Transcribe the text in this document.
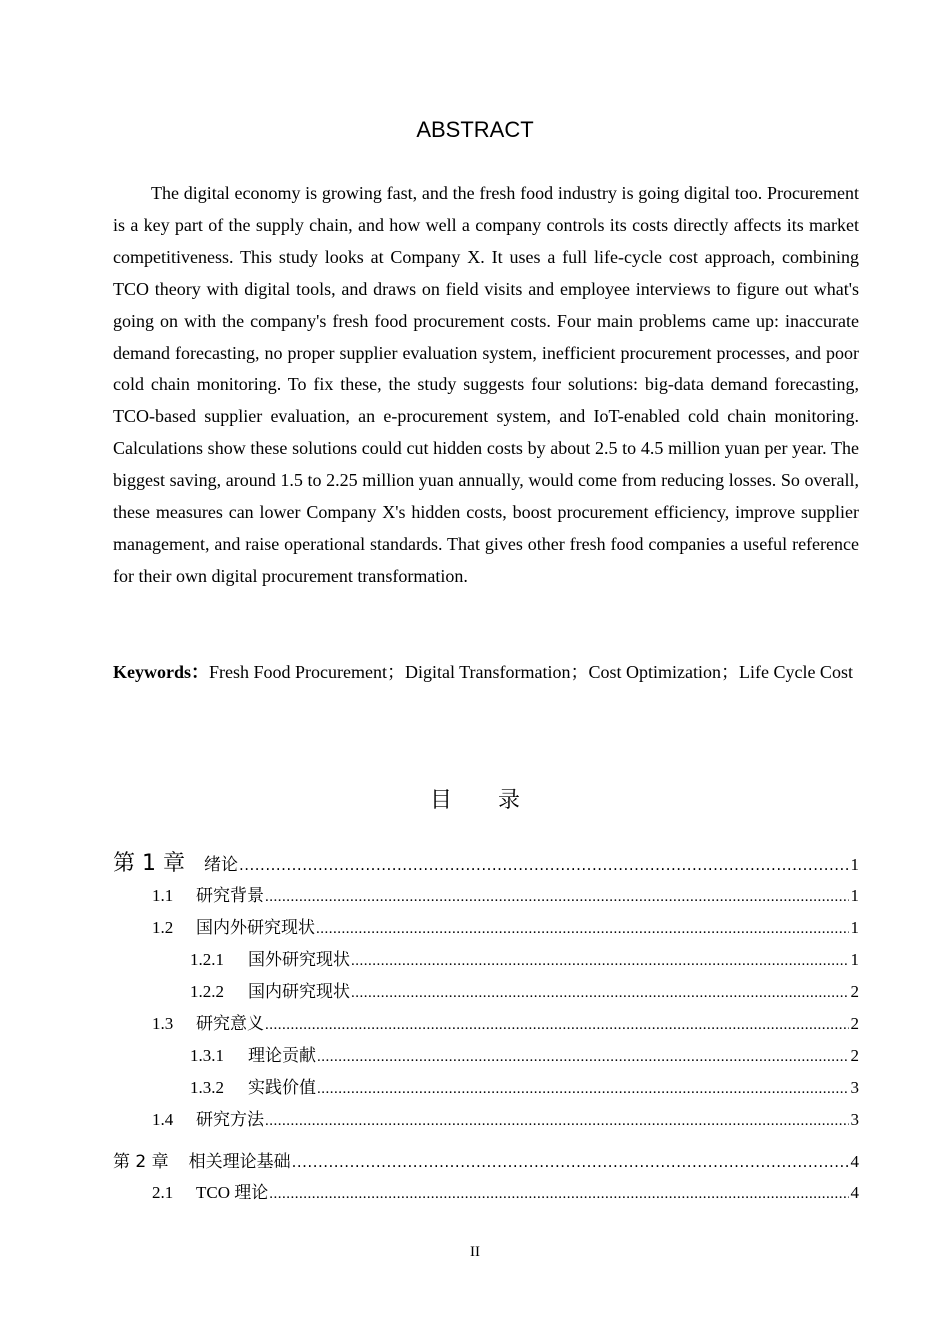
ABSTRACT

The digital economy is growing fast, and the fresh food industry is going digital too. Procurement is a key part of the supply chain, and how well a company controls its costs directly affects its market competitiveness. This study looks at Company X. It uses a full life-cycle cost approach, combining TCO theory with digital tools, and draws on field visits and employee interviews to figure out what's going on with the company's fresh food procurement costs. Four main problems came up: inaccurate demand forecasting, no proper supplier evaluation system, inefficient procurement processes, and poor cold chain monitoring. To fix these, the study suggests four solutions: big-data demand forecasting, TCO-based supplier evaluation, an e-procurement system, and IoT-enabled cold chain monitoring. Calculations show these solutions could cut hidden costs by about 2.5 to 4.5 million yuan per year. The biggest saving, around 1.5 to 2.25 million yuan annually, would come from reducing losses. So overall, these measures can lower Company X's hidden costs, boost procurement efficiency, improve supplier management, and raise operational standards. That gives other fresh food companies a useful reference for their own digital procurement transformation.

Keywords：Fresh Food Procurement；Digital Transformation；Cost Optimization；Life Cycle Cost

目录
第 1 章 绪论 .....	1
1.1	研究背景 .....	1
1.2	国内外研究现状 .....	1
1.2.1	国外研究现状 .....	1
1.2.2	国内研究现状 .....	2
1.3	研究意义 .....	2
1.3.1	理论贡献 .....	2
1.3.2	实践价值 .....	3
1.4	研究方法 .....	3
第 2 章 相关理论基础 .....	4
2.1	TCO 理论 .....	4
II
